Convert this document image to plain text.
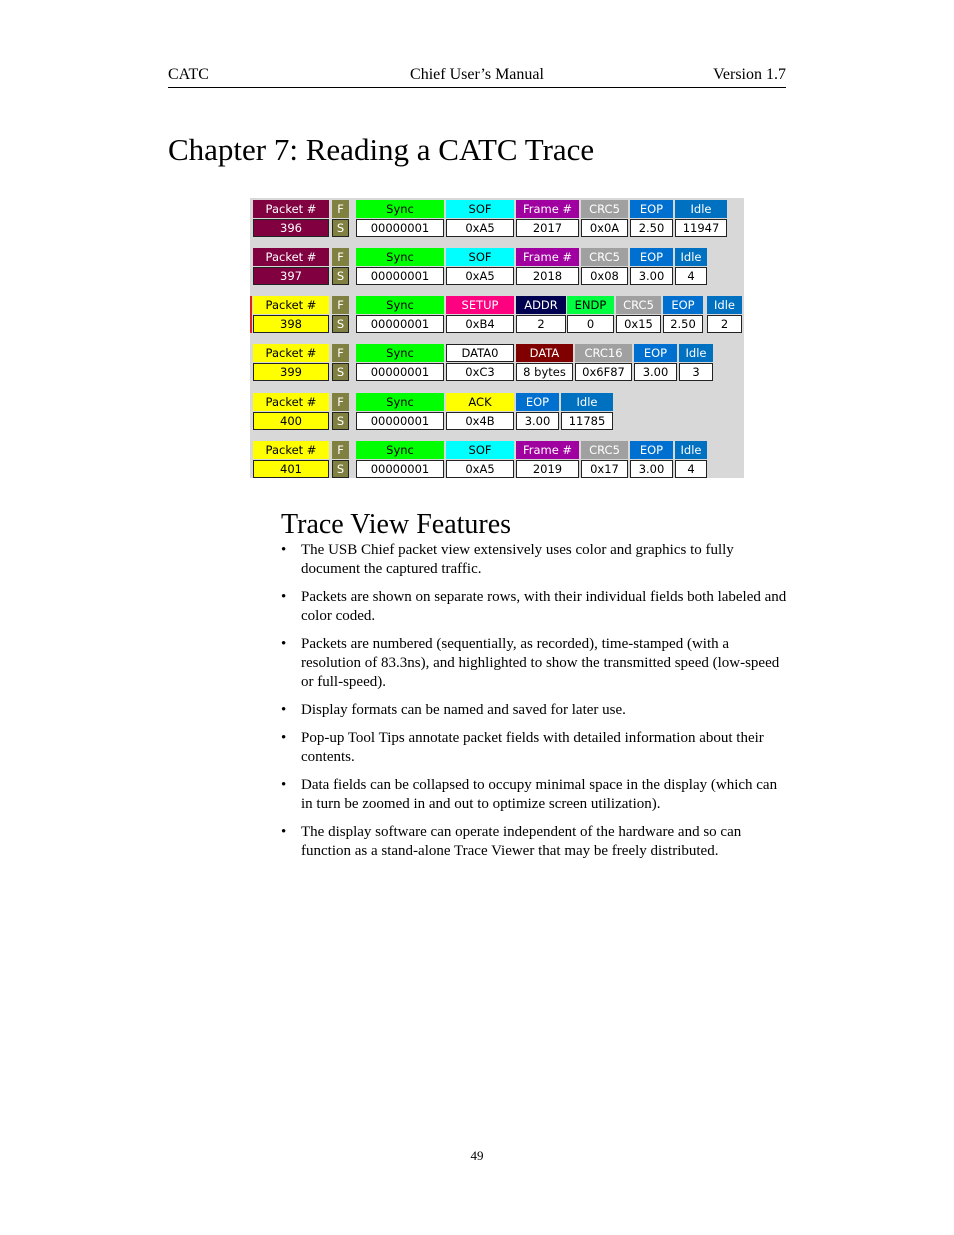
CATC	Chief User’s Manual	Version 1.7
Chapter 7: Reading a CATC Trace
Packet #
396
F
S
Sync
00000001
SOF
0xA5
Frame #
2017
CRC5
0x0A
EOP
2.50
Idle
11947
Packet #
397
F
S
Sync
00000001
SOF
0xA5
Frame #
2018
CRC5
0x08
EOP
3.00
Idle
4
Packet #
398
F
S
Sync
00000001
SETUP
0xB4
ADDR
2
ENDP
0
CRC5
0x15
EOP
2.50
Idle
2
Packet #
399
F
S
Sync
00000001
DATA0
0xC3
DATA
8 bytes
CRC16
0x6F87
EOP
3.00
Idle
3
Packet #
400
F
S
Sync
00000001
ACK
0x4B
EOP
3.00
Idle
11785
Packet #
401
F
S
Sync
00000001
SOF
0xA5
Frame #
2019
CRC5
0x17
EOP
3.00
Idle
4
Trace View Features
• The USB Chief packet view extensively uses color and graphics to fully document the captured traffic.
• Packets are shown on separate rows, with their individual fields both labeled and color coded.
• Packets are numbered (sequentially, as recorded), time-stamped (with a resolution of 83.3ns), and highlighted to show the transmitted speed (low-speed or full-speed).
• Display formats can be named and saved for later use.
• Pop-up Tool Tips annotate packet fields with detailed information about their contents.
• Data fields can be collapsed to occupy minimal space in the display (which can in turn be zoomed in and out to optimize screen utilization).
• The display software can operate independent of the hardware and so can function as a stand-alone Trace Viewer that may be freely distributed.
49
